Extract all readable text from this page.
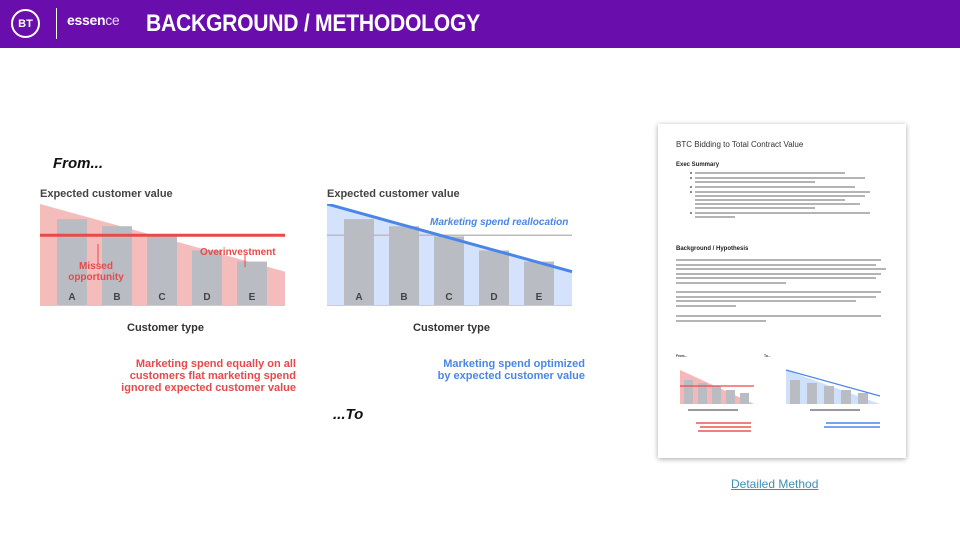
BT essence BACKGROUND / METHODOLOGY
From...
...To
Expected customer value
A	B	C	D	E
Overinvestment
Missed opportunity
Customer type
Marketing spend equally on all
customers flat marketing spend
ignored expected customer value
Expected customer value
A	B	C	D	E
Marketing spend reallocation
Customer type
Marketing spend optimized
by expected customer value
BTC Bidding to Total Contract Value
Exec Summary
Background / Hypothesis
From...	To...
Detailed Method
